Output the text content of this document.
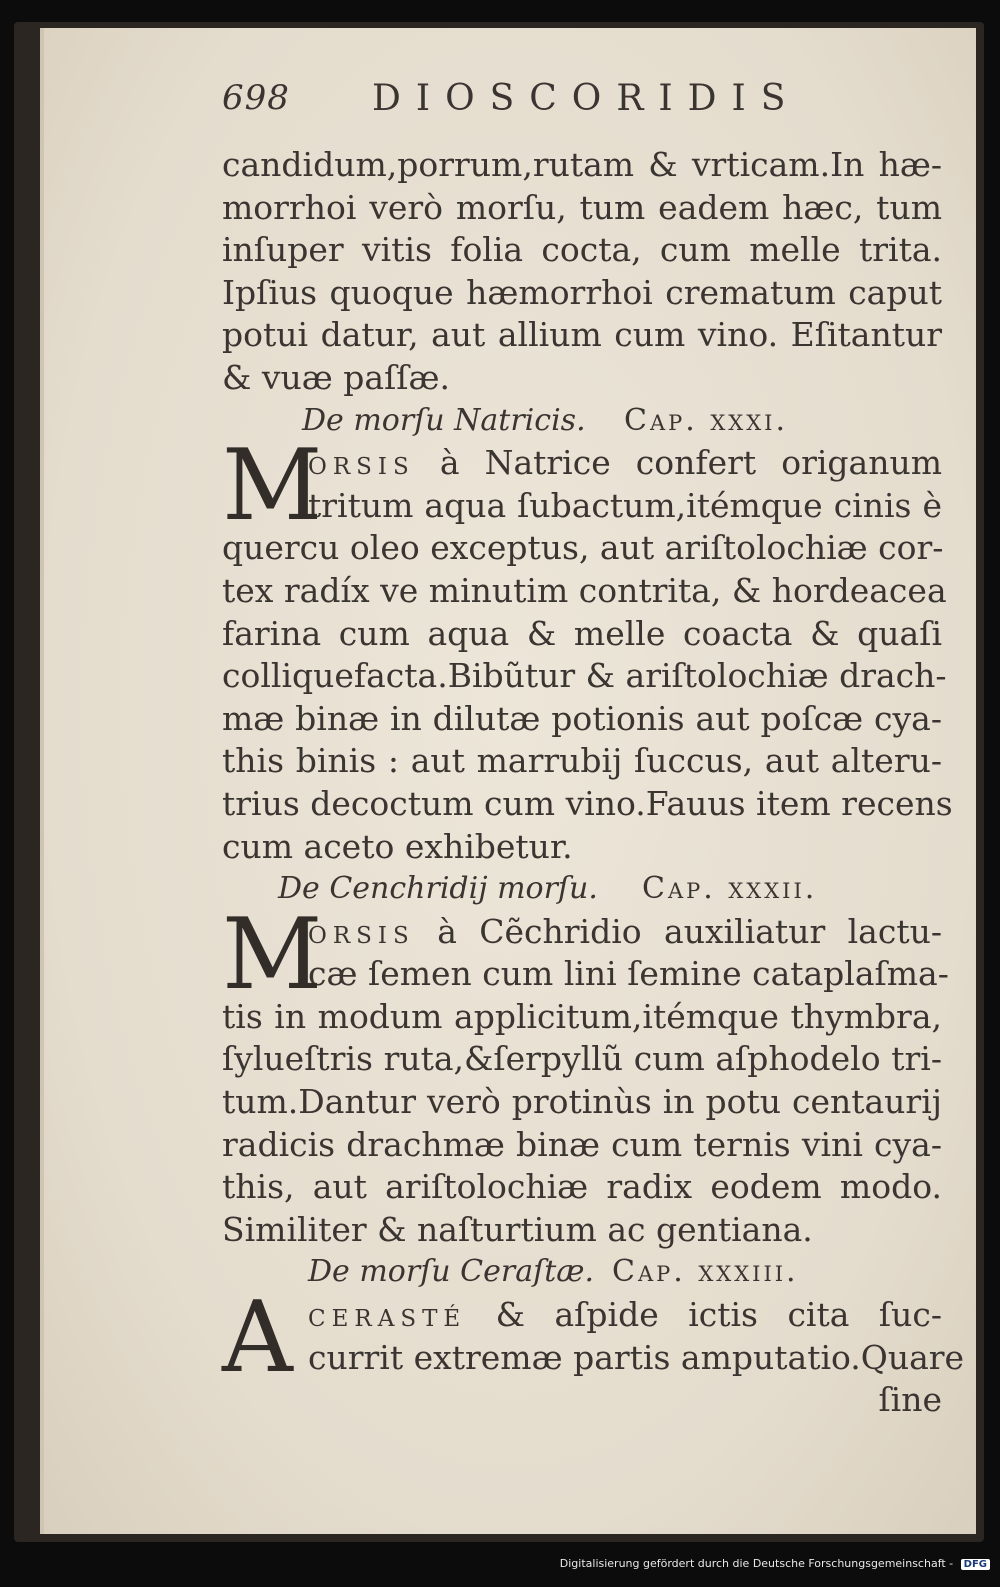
698 DIOSCORIDIS
candidum,porrum,rutam & vrticam.In hæ-
morrhoi verò morſu, tum eadem hæc, tum
inſuper vitis folia cocta, cum melle trita.
Ipſius quoque hæmorrhoi crematum caput
potui datur, aut allium cum vino. Eſitantur
& vuæ paſſæ.
De morſu Natricis. Cap. xxxi.
M
orsis à Natrice confert origanum
tritum aqua ſubactum,itémque cinis è
quercu oleo exceptus, aut ariſtolochiæ cor-
tex radíx ve minutim contrita, & hordeacea
farina cum aqua & melle coacta & quaſi
colliquefacta.Bibũtur & ariſtolochiæ drach-
mæ binæ in dilutæ potionis aut poſcæ cya-
this binis : aut marrubij ſuccus, aut alteru-
trius decoctum cum vino.Fauus item recens
cum aceto exhibetur.
De Cenchridij morſu. Cap. xxxii.
M
orsis à Cẽchridio auxiliatur lactu-
cæ ſemen cum lini ſemine cataplaſma-
tis in modum applicitum,itémque thymbra,
ſylueſtris ruta,&ſerpyllũ cum aſphodelo tri-
tum.Dantur verò protinùs in potu centaurij
radicis drachmæ binæ cum ternis vini cya-
this, aut ariſtolochiæ radix eodem modo.
Similiter & naſturtium ac gentiana.
De morſu Ceraſtæ. Cap. xxxiii.
A cerasté & aſpide ictis cita ſuc-
currit extremæ partis amputatio.Quare
ſine
Digitalisierung gefördert durch die Deutsche Forschungsgemeinschaft - DFG
